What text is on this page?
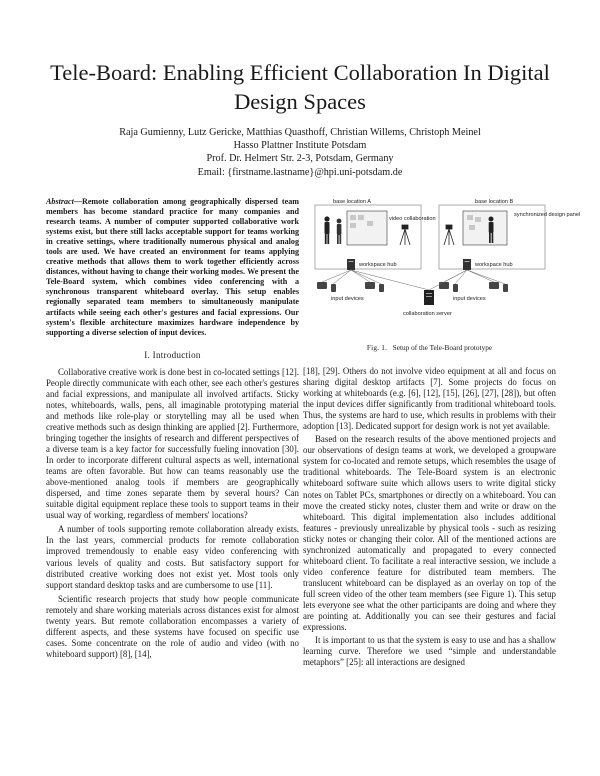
Tele-Board: Enabling Efficient Collaboration In Digital Design Spaces
Raja Gumienny, Lutz Gericke, Matthias Quasthoff, Christian Willems, Christoph Meinel
Hasso Plattner Institute Potsdam
Prof. Dr. Helmert Str. 2-3, Potsdam, Germany
Email: {firstname.lastname}@hpi.uni-potsdam.de

Abstract—Remote collaboration among geographically dispersed team members has become standard practice for many companies and research teams. A number of computer supported collaborative work systems exist, but there still lacks acceptable support for teams working in creative settings, where traditionally numerous physical and analog tools are used. We have created an environment for teams applying creative methods that allows them to work together efficiently across distances, without having to change their working modes. We present the Tele-Board system, which combines video conferencing with a synchronous transparent whiteboard overlay. This setup enables regionally separated team members to simultaneously manipulate artifacts while seeing each other's gestures and facial expressions. Our system's flexible architecture maximizes hardware independence by supporting a diverse selection of input devices.

I. Introduction

Collaborative creative work is done best in co-located settings [12]. People directly communicate with each other, see each other's gestures and facial expressions, and manipulate all involved artifacts. Sticky notes, whiteboards, walls, pens, all imaginable prototyping material and methods like role-play or storytelling may all be used when creative methods such as design thinking are applied [2]. Furthermore, bringing together the insights of research and different perspectives of a diverse team is a key factor for successfully fueling innovation [30]. In order to incorporate different cultural aspects as well, international teams are often favorable. But how can teams reasonably use the above-mentioned analog tools if members are geographically dispersed, and time zones separate them by several hours? Can suitable digital equipment replace these tools to support teams in their usual way of working, regardless of members' locations?

A number of tools supporting remote collaboration already exists. In the last years, commercial products for remote collaboration improved tremendously to enable easy video conferencing with various levels of quality and costs. But satisfactory support for distributed creative working does not exist yet. Most tools only support standard desktop tasks and are cumbersome to use [11].

Scientific research projects that study how people communicate remotely and share working materials across distances exist for almost twenty years. But remote collaboration encompasses a variety of different aspects, and these systems have focused on specific use cases. Some concentrate on the role of audio and video (with no whiteboard support) [8], [14],

base location A
video collaboration
base location B
synchronized design panel
workspace hub	workspace hub
input devices	input devices
collaboration server
Fig. 1. Setup of the Tele-Board prototype

[18], [29]. Others do not involve video equipment at all and focus on sharing digital desktop artifacts [7]. Some projects do focus on working at whiteboards (e.g. [6], [12], [15], [26], [27], [28]), but often the input devices differ significantly from traditional whiteboard tools. Thus, the systems are hard to use, which results in problems with their adoption [13]. Dedicated support for design work is not yet available.

Based on the research results of the above mentioned projects and our observations of design teams at work, we developed a groupware system for co-located and remote setups, which resembles the usage of traditional whiteboards. The Tele-Board system is an electronic whiteboard software suite which allows users to write digital sticky notes on Tablet PCs, smartphones or directly on a whiteboard. You can move the created sticky notes, cluster them and write or draw on the whiteboard. This digital implementation also includes additional features - previously unrealizable by physical tools - such as resizing sticky notes or changing their color. All of the mentioned actions are synchronized automatically and propagated to every connected whiteboard client. To facilitate a real interactive session, we include a video conference feature for distributed team members. The translucent whiteboard can be displayed as an overlay on top of the full screen video of the other team members (see Figure 1). This setup lets everyone see what the other participants are doing and where they are pointing at. Additionally you can see their gestures and facial expressions.

It is important to us that the system is easy to use and has a shallow learning curve. Therefore we used “simple and understandable metaphors” [25]: all interactions are designed
